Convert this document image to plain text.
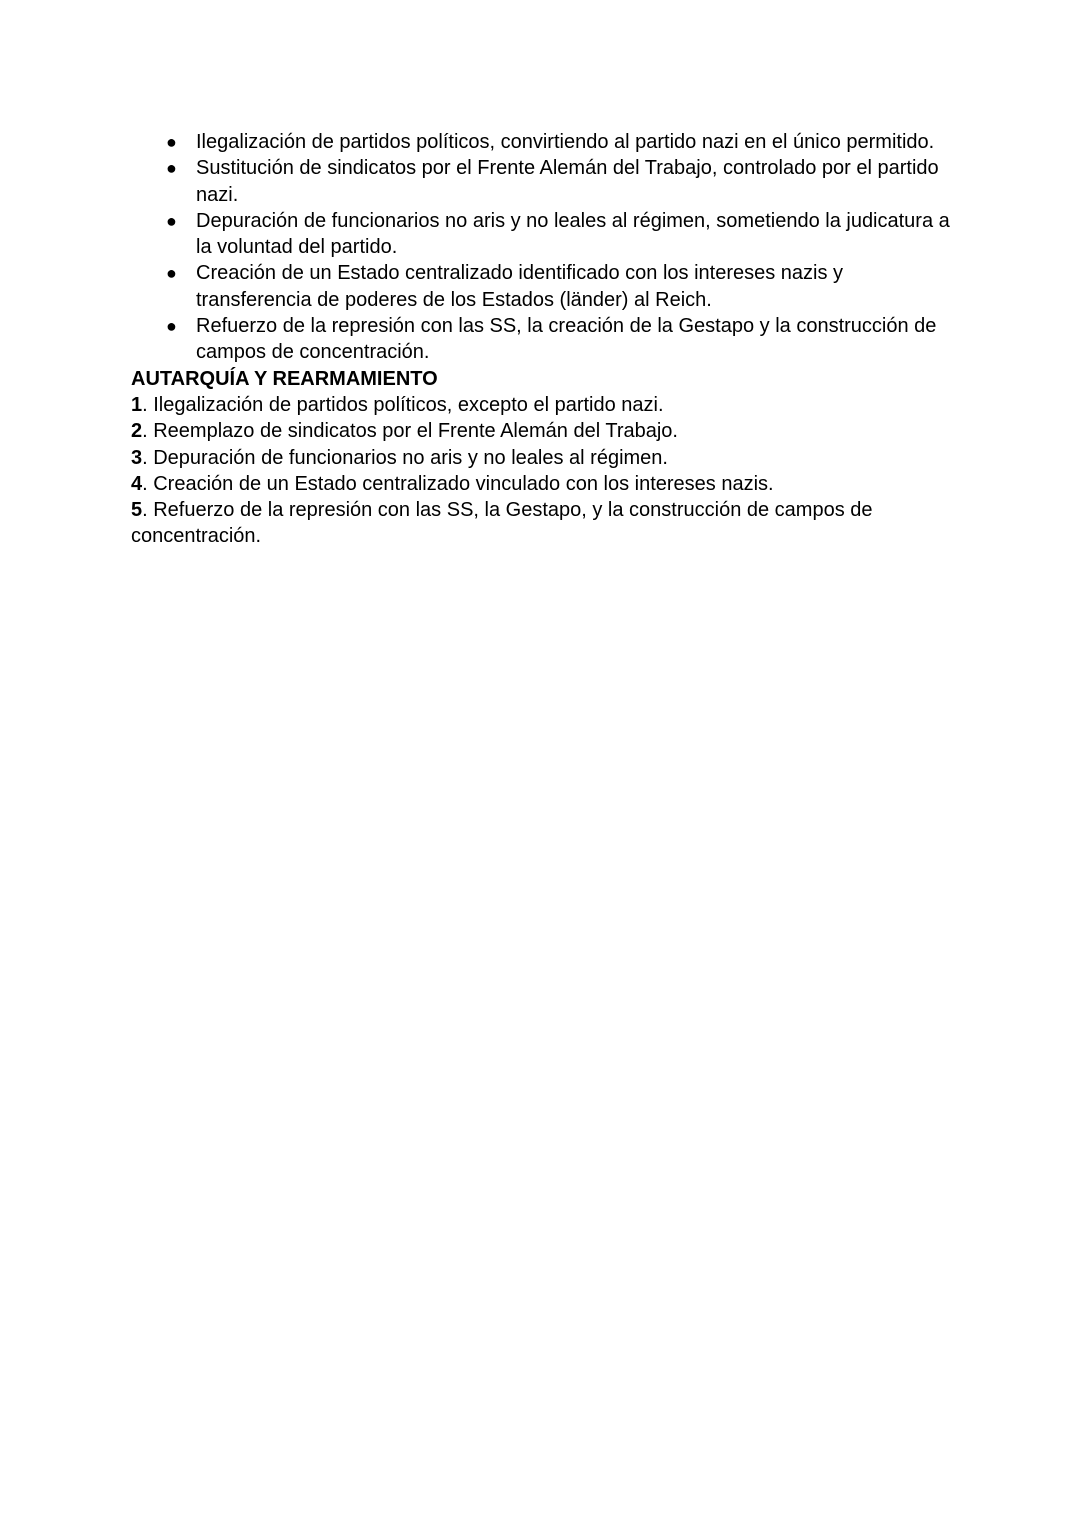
● Ilegalización de partidos políticos, convirtiendo al partido nazi en el único permitido.
● Sustitución de sindicatos por el Frente Alemán del Trabajo, controlado por el partido nazi.
● Depuración de funcionarios no aris y no leales al régimen, sometiendo la judicatura a la voluntad del partido.
● Creación de un Estado centralizado identificado con los intereses nazis y transferencia de poderes de los Estados (länder) al Reich.
● Refuerzo de la represión con las SS, la creación de la Gestapo y la construcción de campos de concentración.

AUTARQUÍA Y REARMAMIENTO

1. Ilegalización de partidos políticos, excepto el partido nazi.
2. Reemplazo de sindicatos por el Frente Alemán del Trabajo.
3. Depuración de funcionarios no aris y no leales al régimen.
4. Creación de un Estado centralizado vinculado con los intereses nazis.
5. Refuerzo de la represión con las SS, la Gestapo, y la construcción de campos de concentración.
